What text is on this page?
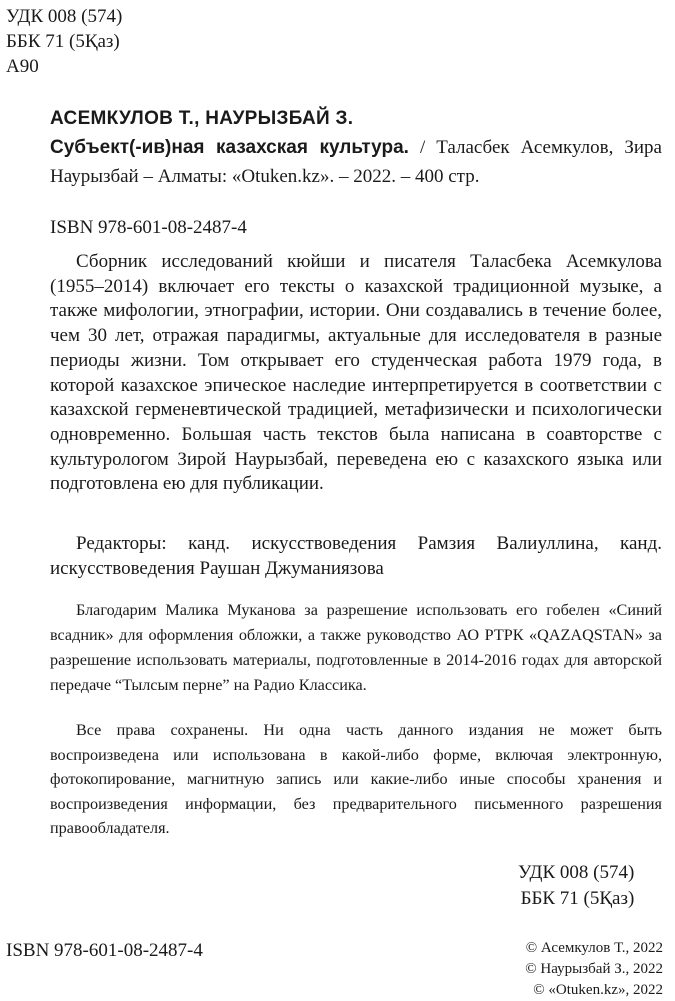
УДК 008 (574)
ББК 71 (5Қаз)
А90
АСЕМКУЛОВ Т., НАУРЫЗБАЙ З.
Субъект(-ив)ная казахская культура. / Таласбек Асемкулов, Зира Наурызбай – Алматы: «Otuken.kz». – 2022. – 400 стр.
ISBN 978-601-08-2487-4

Сборник исследований кюйши и писателя Таласбека Асемкулова (1955–2014) включает его тексты о казахской традиционной музыке, а также мифологии, этнографии, истории. Они создавались в течение более, чем 30 лет, отражая парадигмы, актуальные для исследователя в разные периоды жизни. Том открывает его студенческая работа 1979 года, в которой казахское эпическое наследие интерпретируется в соответствии с казахской герменевтической традицией, метафизически и психологически одновременно. Большая часть текстов была написана в соавторстве с культурологом Зирой Наурызбай, переведена ею с казахского языка или подготовлена ею для публикации.

Редакторы: канд. искусствоведения Рамзия Валиуллина, канд. искусствоведения Раушан Джуманиязова
Благодарим Малика Муканова за разрешение использовать его гобелен «Синий всадник» для оформления обложки, а также руководство АО РТРК «QAZAQSTAN» за разрешение использовать материалы, подготовленные в 2014-2016 годах для авторской передаче “Тылсым перне” на Радио Классика.
Все права сохранены. Ни одна часть данного издания не может быть воспроизведена или использована в какой-либо форме, включая электронную, фотокопирование, магнитную запись или какие-либо иные способы хранения и воспроизведения информации, без предварительного письменного разрешения правообладателя.
УДК 008 (574)
ББК 71 (5Қаз)
ISBN 978-601-08-2487-4	© Асемкулов Т., 2022
© Наурызбай З., 2022
© «Otuken.kz», 2022
